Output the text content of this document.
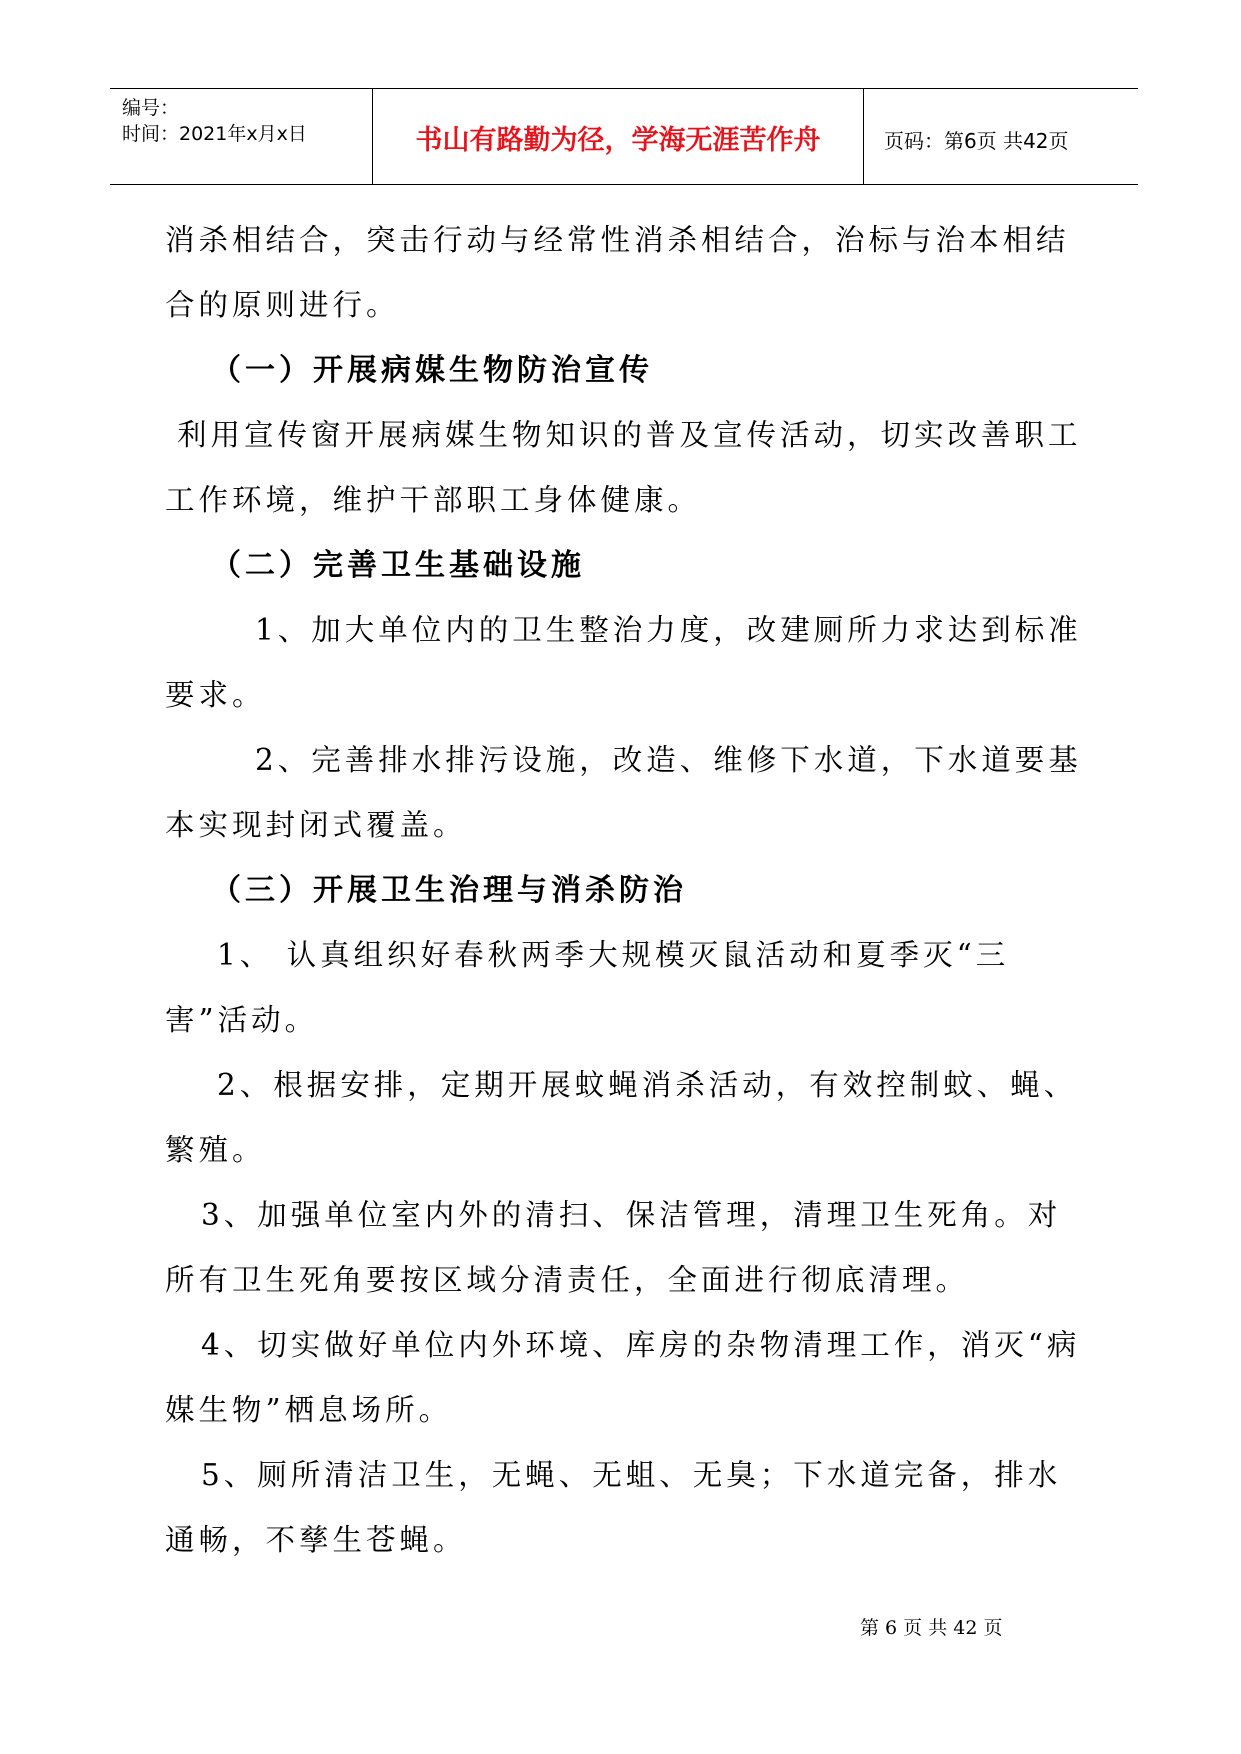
编号：
时间：2021年x月x日	书山有路勤为径，学海无涯苦作舟	页码：第6页 共42页

消杀相结合，突击行动与经常性消杀相结合，治标与治本相结合的原则进行。

（一）开展病媒生物防治宣传

利用宣传窗开展病媒生物知识的普及宣传活动，切实改善职工工作环境，维护干部职工身体健康。

（二）完善卫生基础设施

1、加大单位内的卫生整治力度，改建厕所力求达到标准要求。

2、完善排水排污设施，改造、维修下水道，下水道要基本实现封闭式覆盖。

（三）开展卫生治理与消杀防治

1、 认真组织好春秋两季大规模灭鼠活动和夏季灭“三害”活动。

2、根据安排，定期开展蚊蝇消杀活动，有效控制蚊、蝇、繁殖。

3、加强单位室内外的清扫、保洁管理，清理卫生死角。对所有卫生死角要按区域分清责任，全面进行彻底清理。

4、切实做好单位内外环境、库房的杂物清理工作，消灭“病媒生物”栖息场所。

5、厕所清洁卫生，无蝇、无蛆、无臭；下水道完备，排水通畅，不孳生苍蝇。

第 6 页 共 42 页
